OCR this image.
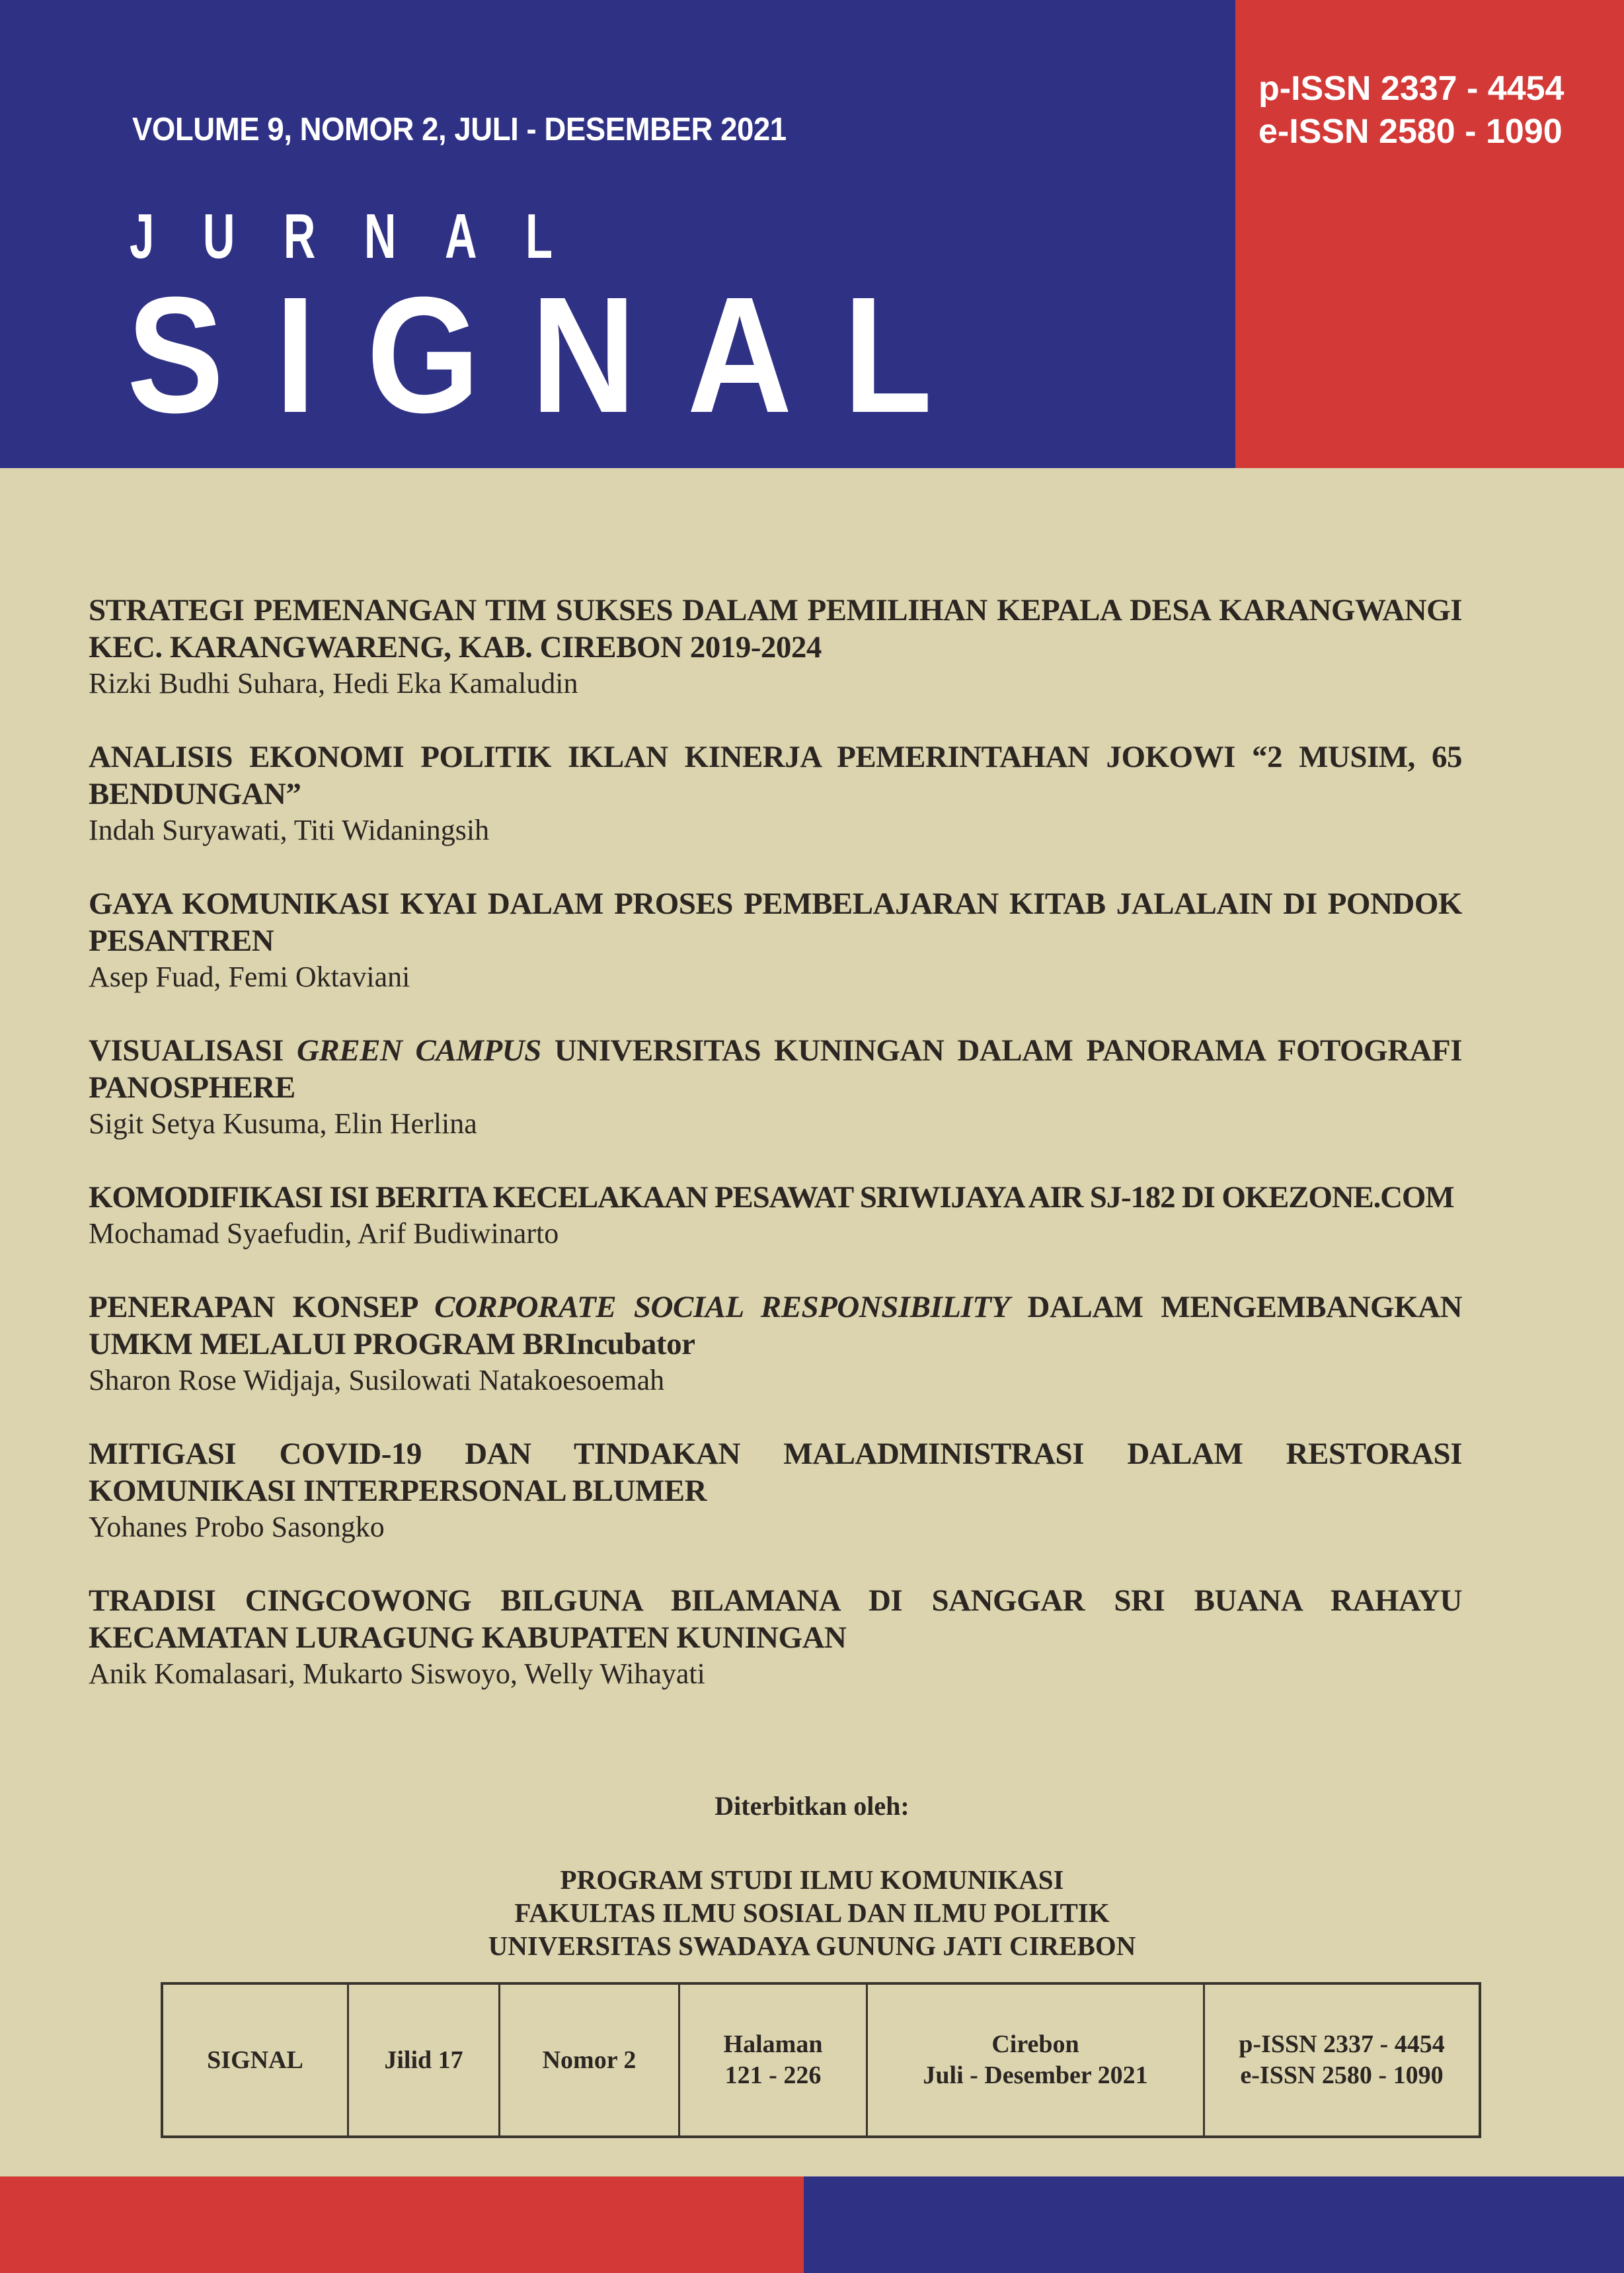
VOLUME 9, NOMOR 2, JULI - DESEMBER 2021
JURNAL
SIGNAL
p-ISSN 2337 - 4454
e-ISSN 2580 - 1090
STRATEGI PEMENANGAN TIM SUKSES DALAM PEMILIHAN KEPALA DESA KARANGWANGI KEC. KARANGWARENG, KAB. CIREBON 2019-2024
Rizki Budhi Suhara, Hedi Eka Kamaludin
ANALISIS EKONOMI POLITIK IKLAN KINERJA PEMERINTAHAN JOKOWI “2 MUSIM, 65 BENDUNGAN”
Indah Suryawati, Titi Widaningsih
GAYA KOMUNIKASI KYAI DALAM PROSES PEMBELAJARAN KITAB JALALAIN DI PONDOK PESANTREN
Asep Fuad, Femi Oktaviani
VISUALISASI GREEN CAMPUS UNIVERSITAS KUNINGAN DALAM PANORAMA FOTOGRAFI PANOSPHERE
Sigit Setya Kusuma, Elin Herlina
KOMODIFIKASI ISI BERITA KECELAKAAN PESAWAT SRIWIJAYA AIR SJ-182 DI OKEZONE.COM
Mochamad Syaefudin, Arif Budiwinarto
PENERAPAN KONSEP CORPORATE SOCIAL RESPONSIBILITY DALAM MENGEMBANGKAN UMKM MELALUI PROGRAM BRIncubator
Sharon Rose Widjaja, Susilowati Natakoesoemah
MITIGASI COVID-19 DAN TINDAKAN MALADMINISTRASI DALAM RESTORASI KOMUNIKASI INTERPERSONAL BLUMER
Yohanes Probo Sasongko
TRADISI CINGCOWONG BILGUNA BILAMANA DI SANGGAR SRI BUANA RAHAYU KECAMATAN LURAGUNG KABUPATEN KUNINGAN
Anik Komalasari, Mukarto Siswoyo, Welly Wihayati
Diterbitkan oleh:
PROGRAM STUDI ILMU KOMUNIKASI
FAKULTAS ILMU SOSIAL DAN ILMU POLITIK
UNIVERSITAS SWADAYA GUNUNG JATI CIREBON
SIGNAL	Jilid 17	Nomor 2
Halaman
121 - 226
Cirebon
Juli - Desember 2021
p-ISSN 2337 - 4454
e-ISSN 2580 - 1090
